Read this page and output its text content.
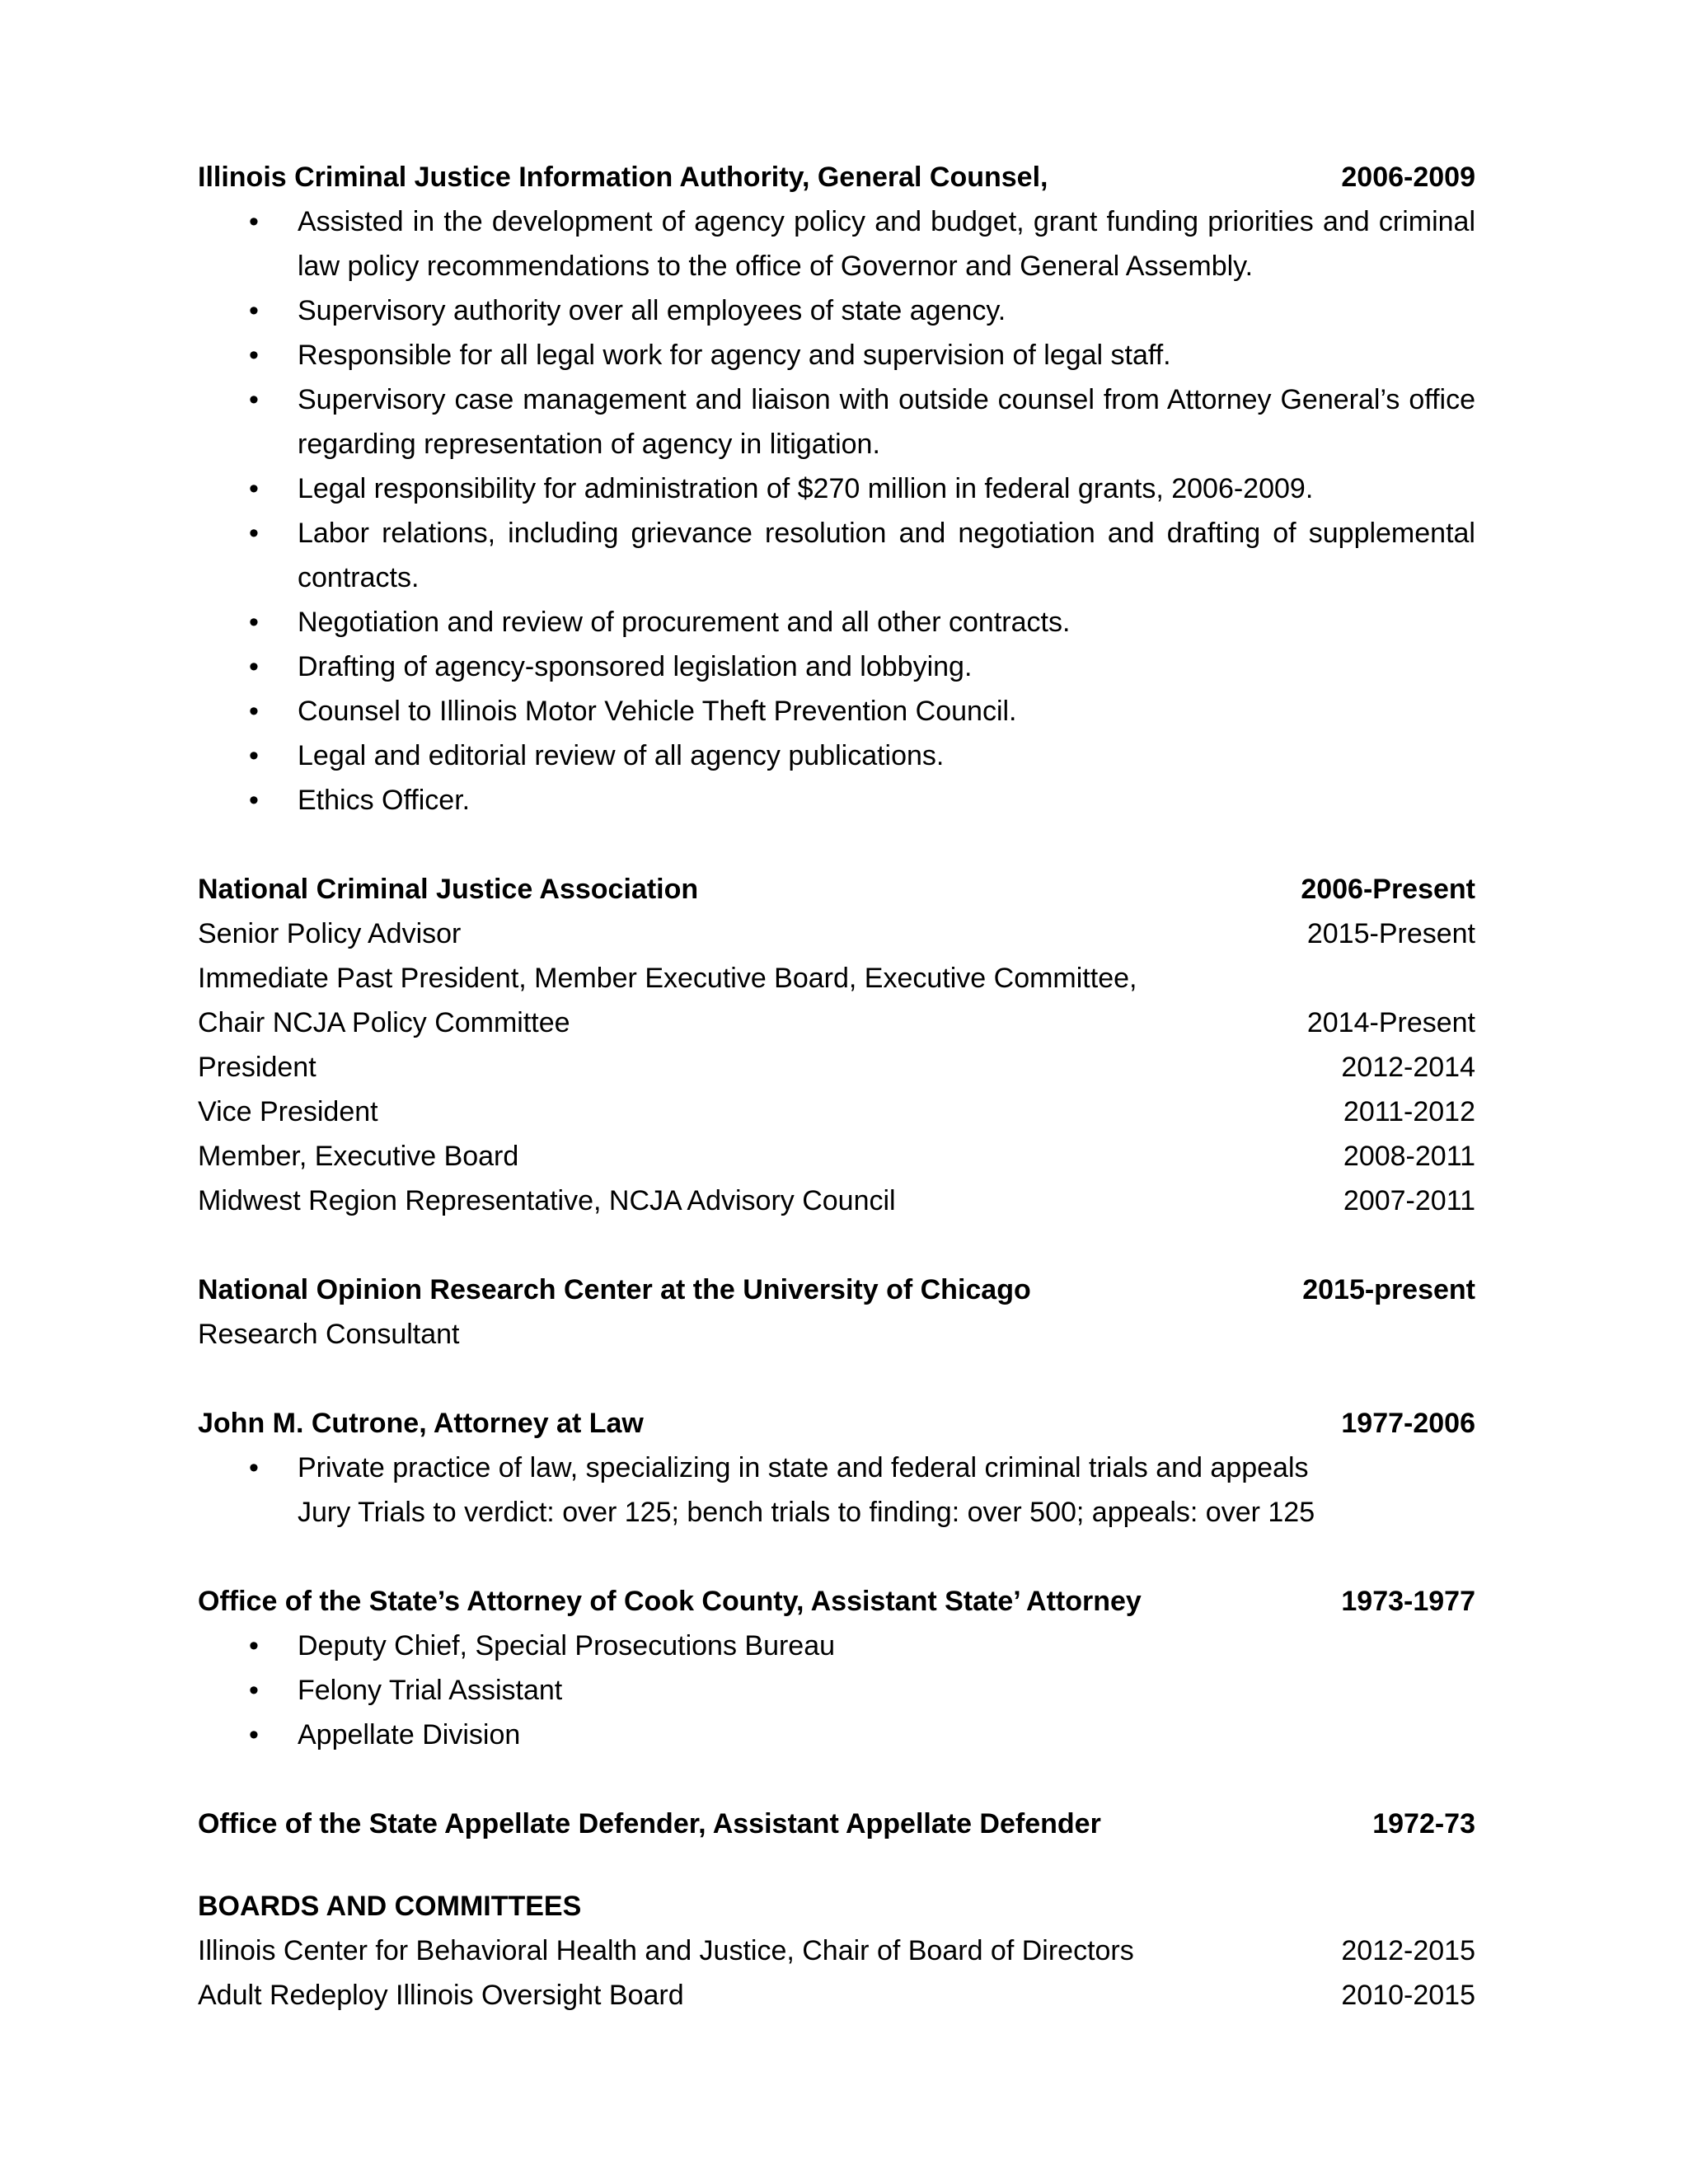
Illinois Criminal Justice Information Authority, General Counsel,	2006-2009
• Assisted in the development of agency policy and budget, grant funding priorities and criminal law policy recommendations to the office of Governor and General Assembly.
• Supervisory authority over all employees of state agency.
• Responsible for all legal work for agency and supervision of legal staff.
• Supervisory case management and liaison with outside counsel from Attorney General’s office regarding representation of agency in litigation.
• Legal responsibility for administration of $270 million in federal grants, 2006-2009.
• Labor relations, including grievance resolution and negotiation and drafting of supplemental contracts.
• Negotiation and review of procurement and all other contracts.
• Drafting of agency-sponsored legislation and lobbying.
• Counsel to Illinois Motor Vehicle Theft Prevention Council.
• Legal and editorial review of all agency publications.
• Ethics Officer.
National Criminal Justice Association	2006-Present
Senior Policy Advisor	2015-Present
Immediate Past President, Member Executive Board, Executive Committee,
Chair NCJA Policy Committee	2014-Present
President	2012-2014
Vice President	2011-2012
Member, Executive Board	2008-2011
Midwest Region Representative, NCJA Advisory Council	2007-2011
National Opinion Research Center at the University of Chicago	2015-present
Research Consultant
John M. Cutrone, Attorney at Law	1977-2006
• Private practice of law, specializing in state and federal criminal trials and appeals
Jury Trials to verdict: over 125; bench trials to finding: over 500; appeals: over 125
Office of the State’s Attorney of Cook County, Assistant State’ Attorney	1973-1977
• Deputy Chief, Special Prosecutions Bureau
• Felony Trial Assistant
• Appellate Division
Office of the State Appellate Defender, Assistant Appellate Defender	1972-73
BOARDS AND COMMITTEES
Illinois Center for Behavioral Health and Justice, Chair of Board of Directors	2012-2015
Adult Redeploy Illinois Oversight Board	2010-2015
